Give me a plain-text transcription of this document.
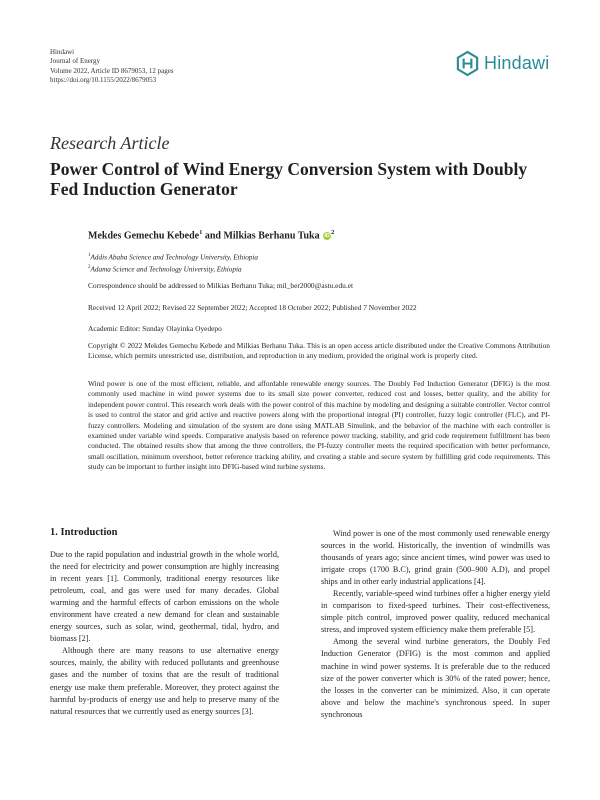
Hindawi
Journal of Energy
Volume 2022, Article ID 8679053, 12 pages
https://doi.org/10.1155/2022/8679053
Hindawi
Research Article
Power Control of Wind Energy Conversion System with Doubly Fed Induction Generator
Mekdes Gemechu Kebede$^1$ and Milkias Berhanu Tuka $iD^2$
$^1$Addis Ababa Science and Technology University, Ethiopia
$^2$Adama Science and Technology University, Ethiopia
Correspondence should be addressed to Milkias Berhanu Tuka; mil_ber2000@astu.edu.et
Received 12 April 2022; Revised 22 September 2022; Accepted 18 October 2022; Published 7 November 2022
Academic Editor: Sunday Olayinka Oyedepo

Copyright © 2022 Mekdes Gemechu Kebede and Milkias Berhanu Tuka. This is an open access article distributed under the Creative Commons Attribution License, which permits unrestricted use, distribution, and reproduction in any medium, provided the original work is properly cited.

Wind power is one of the most efficient, reliable, and affordable renewable energy sources. The Doubly Fed Induction Generator (DFIG) is the most commonly used machine in wind power systems due to its small size power converter, reduced cost and losses, better quality, and the ability for independent power control. This research work deals with the power control of this machine by modeling and designing a suitable controller. Vector control is used to control the stator and grid active and reactive powers along with the proportional integral (PI) controller, fuzzy logic controller (FLC), and PI-fuzzy controllers. Modeling and simulation of the system are done using MATLAB Simulink, and the behavior of the machine with each controller is examined under variable wind speeds. Comparative analysis based on reference power tracking, stability, and grid code requirement fulfillment has been conducted. The obtained results show that among the three controllers, the PI-fuzzy controller meets the required specification with better performance, small oscillation, minimum overshoot, better reference tracking ability, and creating a stable and secure system by fulfilling grid code requirements. This study can be important to further insight into DFIG-based wind turbine systems.

1. Introduction

Due to the rapid population and industrial growth in the whole world, the need for electricity and power consumption are highly increasing in recent years [1]. Commonly, traditional energy resources like petroleum, coal, and gas were used for many decades. Global warming and the harmful effects of carbon emissions on the whole environment have created a new demand for clean and sustainable energy sources, such as solar, wind, geothermal, tidal, hydro, and biomass [2].

Although there are many reasons to use alternative energy sources, mainly, the ability with reduced pollutants and greenhouse gases and the number of toxins that are the result of traditional energy use make them preferable. Moreover, they protect against the harmful by-products of energy use and help to preserve many of the natural resources that we currently used as energy sources [3].

Wind power is one of the most commonly used renewable energy sources in the world. Historically, the invention of windmills was thousands of years ago; since ancient times, wind power was used to irrigate crops (1700 B.C), grind grain (500–900 A.D), and propel ships and in other early industrial applications [4].

Recently, variable-speed wind turbines offer a higher energy yield in comparison to fixed-speed turbines. Their cost-effectiveness, simple pitch control, improved power quality, reduced mechanical stress, and improved system efficiency make them preferable [5].

Among the several wind turbine generators, the Doubly Fed Induction Generator (DFIG) is the most common and applied machine in wind power systems. It is preferable due to the reduced size of the power converter which is 30% of the rated power; hence, the losses in the converter can be minimized. Also, it can operate above and below the machine's synchronous speed. In super synchronous
